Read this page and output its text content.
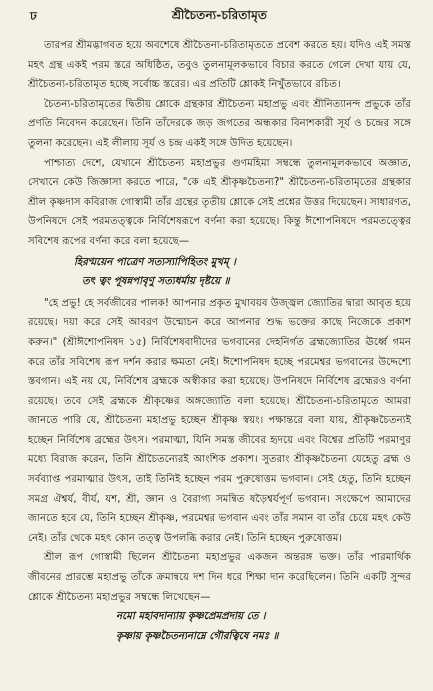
ঢ	শ্রীচৈতন্য-চরিতামৃত

তারপর শ্রীমদ্ভাগবত হয়ে অবশেষে শ্রীচৈতন্য-চরিতামৃততে প্রবেশ করতে হয়। যদিও এই সমস্ত মহৎ গ্রন্থ একই পরম স্তরে অধিষ্ঠিত, তবুও তুলনামূলকভাবে বিচার করতে গেলে দেখা যায় যে, শ্রীচৈতন্য-চরিতামৃত হচ্ছে সর্বোচ্চ স্তরের। এর প্রতিটি শ্লোকই নিখুঁতভাবে রচিত।

চৈতন্য-চরিতামৃতের দ্বিতীয় শ্লোকে গ্রন্থকার শ্রীচৈতন্য মহাপ্রভু এবং শ্রীনিত্যানন্দ প্রভুকে তাঁর প্রণতি নিবেদন করেছেন। তিনি তাঁদেরকে জড় জগতের অন্ধকার বিনাশকারী সূর্য ও চন্দ্রের সঙ্গে তুলনা করেছেন। এই লীলায় সূর্য ও চন্দ্র একই সঙ্গে উদিত হয়েছেন।

পাশ্চাত্য দেশে, যেখানে শ্রীচৈতন্য মহাপ্রভুর গুণমহিমা সম্বন্ধে তুলনামূলকভাবে অজ্ঞাত, সেখানে কেউ জিজ্ঞাসা করতে পারে, "কে এই শ্রীকৃষ্ণচৈতন্য?" শ্রীচৈতন্য-চরিতামৃতের গ্রন্থকার শ্রীল কৃষ্ণদাস কবিরাজ গোস্বামী তাঁর গ্রন্থের তৃতীয় শ্লোকে সেই প্রশ্নের উত্তর দিয়েছেন। সাধারণত, উপনিষদে সেই পরমতত্ত্বকে নির্বিশেষরূপে বর্ণনা করা হয়েছে। কিন্তু ঈশোপনিষদে পরমতত্ত্বের সবিশেষ রূপের বর্ণনা করে বলা হয়েছে—

হিরণ্ময়েন পাত্রেণ সত্যস্যাপিহিতং মুখম্ ।
তৎ ত্বং পূষন্নপাবৃণু সত্যধর্মায় দৃষ্টয়ে ॥

"হে প্রভু! হে সর্বজীবের পালক! আপনার প্রকৃত মুখাবয়ব উজ্জ্বল জ্যোতির দ্বারা আবৃত হয়ে রয়েছে। দয়া করে সেই আবরণ উন্মোচন করে আপনার শুদ্ধ ভক্তের কাছে নিজেকে প্রকাশ করুন।" (শ্রীঈশোপনিষদ ১৫) নির্বিশেষবাদীদের ভগবানের দেহনির্গত ব্রহ্মজ্যোতির ঊর্ধ্বে গমন করে তাঁর সবিশেষ রূপ দর্শন করার ক্ষমতা নেই। ঈশোপনিষদ হচ্ছে পরমেশ্বর ভগবানের উদ্দেশ্যে স্তবগান। এই নয় যে, নির্বিশেষ ব্রহ্মকে অস্বীকার করা হয়েছে। উপনিষদে নির্বিশেষ ব্রহ্মেরও বর্ণনা রয়েছে। তবে সেই ব্রহ্মকে শ্রীকৃষ্ণের অঙ্গজ্যোতি বলা হয়েছে। শ্রীচৈতন্য-চরিতামৃতে আমরা জানতে পারি যে, শ্রীচৈতন্য মহাপ্রভু হচ্ছেন শ্রীকৃষ্ণ স্বয়ং। পক্ষান্তরে বলা যায়, শ্রীকৃষ্ণচৈতন্যই হচ্ছেন নির্বিশেষ ব্রহ্মের উৎস। পরমাত্মা, যিনি সমস্ত জীবের হৃদয়ে এবং বিশ্বের প্রতিটি পরমাণুর মধ্যে বিরাজ করেন, তিনি শ্রীচৈতন্যেরই আংশিক প্রকাশ। সুতরাং শ্রীকৃষ্ণচৈতন্য যেহেতু ব্রহ্ম ও সর্বব্যাপ্ত পরমাত্মার উৎস, তাই তিনিই হচ্ছেন পরম পুরুষোত্তম ভগবান। সেই হেতু, তিনি হচ্ছেন সমগ্র ঐশ্বর্য, বীর্য, যশ, শ্রী, জ্ঞান ও বৈরাগ্য সমন্বিত ষড়ৈশ্বর্যপূর্ণ ভগবান। সংক্ষেপে আমাদের জানতে হবে যে, তিনি হচ্ছেন শ্রীকৃষ্ণ, পরমেশ্বর ভগবান এবং তাঁর সমান বা তাঁর চেয়ে মহৎ কেউ নেই। তাঁর থেকে মহৎ কোন তত্ত্ব উপলব্ধি করার নেই। তিনি হচ্ছেন পুরুষোত্তম।

শ্রীল রূপ গোস্বামী ছিলেন শ্রীচৈতন্য মহাপ্রভুর একজন অন্তরঙ্গ ভক্ত। তাঁর পারমার্থিক জীবনের প্রারম্ভে মহাপ্রভু তাঁকে ক্রমান্বয়ে দশ দিন ধরে শিক্ষা দান করেছিলেন। তিনি একটি সুন্দর শ্লোকে শ্রীচৈতন্য মহাপ্রভুর সম্বন্ধে লিখেছেন—

নমো মহাবদান্যায় কৃষ্ণপ্রেমপ্রদায় তে ।
কৃষ্ণায় কৃষ্ণচৈতন্যনাম্নে গৌরত্বিষে নমঃ ॥
